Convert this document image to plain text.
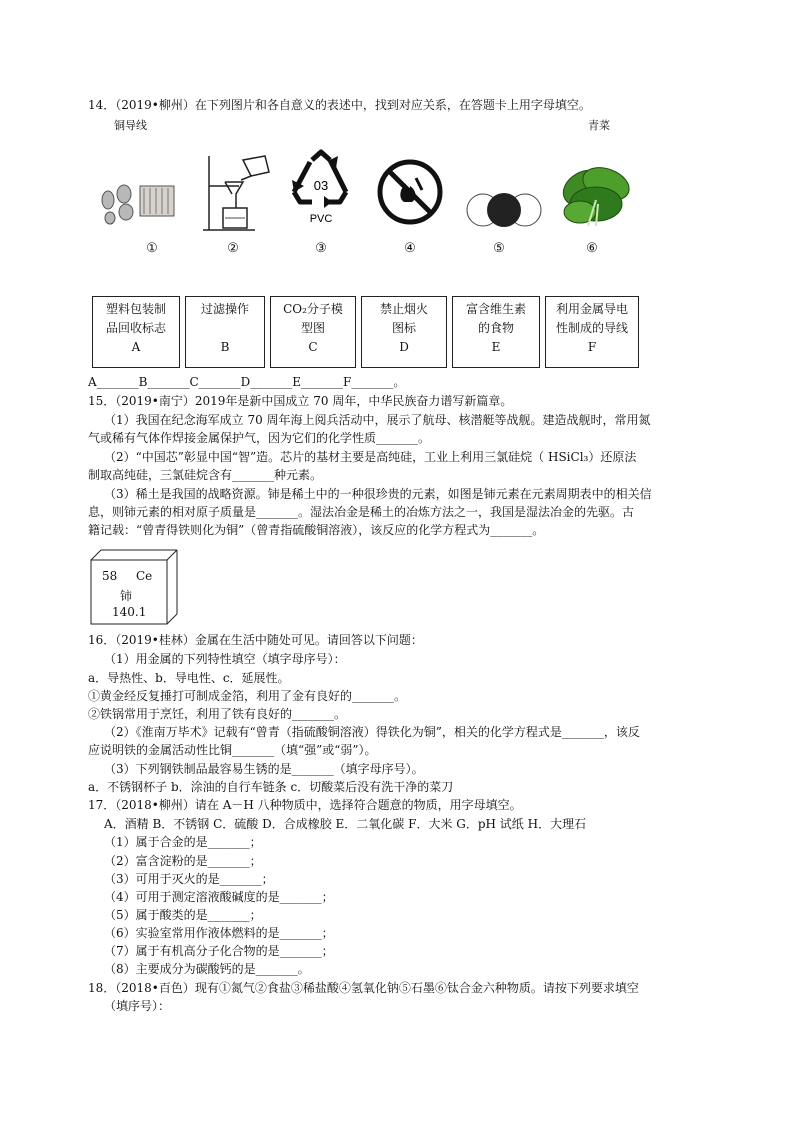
14．（2019•柳州）在下列图片和各自意义的表述中，找到对应关系，在答题卡上用字母填空。
铜导线	青菜
03
PVC
①	②	③	④	⑤	⑥
塑料包装制
品回收标志
A
过滤操作

B
CO₂分子模
型图
C
禁止烟火
图标
D
富含维生素
的食物
E
利用金属导电
性制成的导线
F
A_______B_______C_______D_______E_______F_______。
15．（2019•南宁）2019年是新中国成立 70 周年，中华民族奋力谱写新篇章。
（1）我国在纪念海军成立 70 周年海上阅兵活动中，展示了航母、核潜艇等战舰。建造战舰时，常用氮
气或稀有气体作焊接金属保护气，因为它们的化学性质_______。
（2）“中国芯”彰显中国“智”造。芯片的基材主要是高纯硅，工业上利用三氯硅烷（ HSiCl₃）还原法
制取高纯硅，三氯硅烷含有_______种元素。
（3）稀土是我国的战略资源。铈是稀土中的一种很珍贵的元素，如图是铈元素在元素周期表中的相关信
息，则铈元素的相对原子质量是_______。湿法冶金是稀土的冶炼方法之一，我国是湿法冶金的先驱。古
籍记载：“曾青得铁则化为铜”（曾青指硫酸铜溶液），该反应的化学方程式为_______。
58 Ce
铈
140.1
16．（2019•桂林）金属在生活中随处可见。请回答以下问题：
（1）用金属的下列特性填空（填字母序号）：
a．导热性、b．导电性、c．延展性。
①黄金经反复捶打可制成金箔，利用了金有良好的_______。
②铁锅常用于烹饪，利用了铁有良好的_______。
（2）《淮南万毕术》记载有“曾青（指硫酸铜溶液）得铁化为铜”，相关的化学方程式是_______，该反
应说明铁的金属活动性比铜_______（填“强”或“弱”）。
（3）下列钢铁制品最容易生锈的是_______（填字母序号）。
a．不锈钢杯子 b．涂油的自行车链条 c．切酸菜后没有洗干净的菜刀
17．（2018•柳州）请在 A－H 八种物质中，选择符合题意的物质，用字母填空。
A．酒精 B．不锈钢 C．硫酸 D．合成橡胶 E．二氧化碳 F．大米 G．pH 试纸 H．大理石
（1）属于合金的是_______；
（2）富含淀粉的是_______；
（3）可用于灭火的是_______；
（4）可用于测定溶液酸碱度的是_______；
（5）属于酸类的是_______；
（6）实验室常用作液体燃料的是_______；
（7）属于有机高分子化合物的是_______；
（8）主要成分为碳酸钙的是_______。
18．（2018•百色）现有①氮气②食盐③稀盐酸④氢氧化钠⑤石墨⑥钛合金六种物质。请按下列要求填空
（填序号）：
